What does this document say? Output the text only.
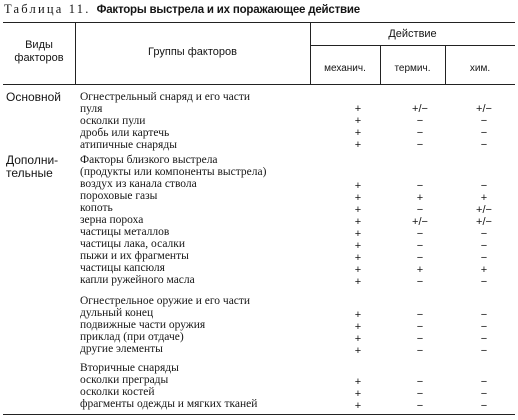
Таблица 11. Факторы выстрела и их поражающее действие
Виды
факторов	Группы факторов
Действие
механич.	термич.	хим.
Основной
Дополни-
тельные
Огнестрельный снаряд и его части
пуля	+	+/−	+/−
осколки пули	+	−	−
дробь или картечь	+	−	−
атипичные снаряды	+	−	−
Факторы близкого выстрела
(продукты или компоненты выстрела)
воздух из канала ствола	+	−	−
пороховые газы	+	+	+
копоть	+	−	+/−
зерна пороха	+	+/−	+/−
частицы металлов	+	−	−
частицы лака, осалки	+	−	−
пыжи и их фрагменты	+	−	−
частицы капсюля	+	+	+
капли ружейного масла	+	−	−
Огнестрельное оружие и его части
дульный конец	+	−	−
подвижные части оружия	+	−	−
приклад (при отдаче)	+	−	−
другие элементы	+	−	−
Вторичные снаряды
осколки преграды	+	−	−
осколки костей	+	−	−
фрагменты одежды и мягких тканей	+	−	−
